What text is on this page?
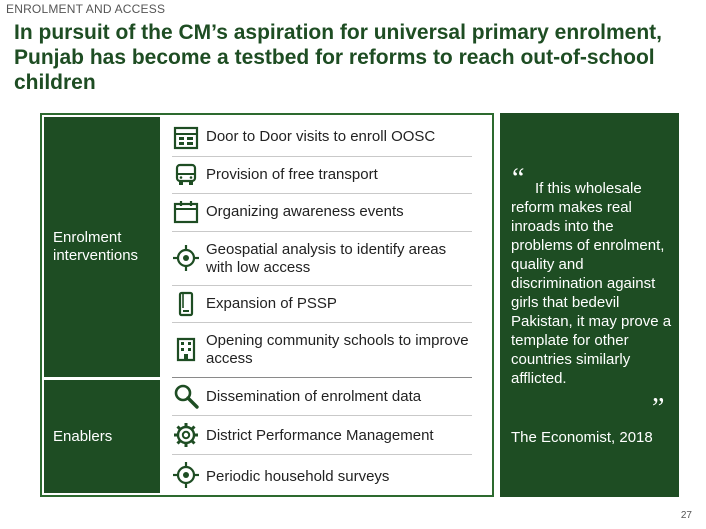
ENROLMENT AND ACCESS
In pursuit of the CM’s aspiration for universal primary enrolment, Punjab has become a testbed for reforms to reach out-of-school children
Enrolment interventions
Enablers
Door to Door visits to enroll OOSC
Provision of free transport
Organizing awareness events
Geospatial analysis to identify areas with low access
Expansion of PSSP
Opening community schools to improve access
Dissemination of enrolment data
District Performance Management
Periodic household surveys
“ If this wholesale reform makes real inroads into the problems of enrolment, quality and discrimination against girls that bedevil Pakistan, it may prove a template for other countries similarly afflicted.
”
The Economist, 2018
27
